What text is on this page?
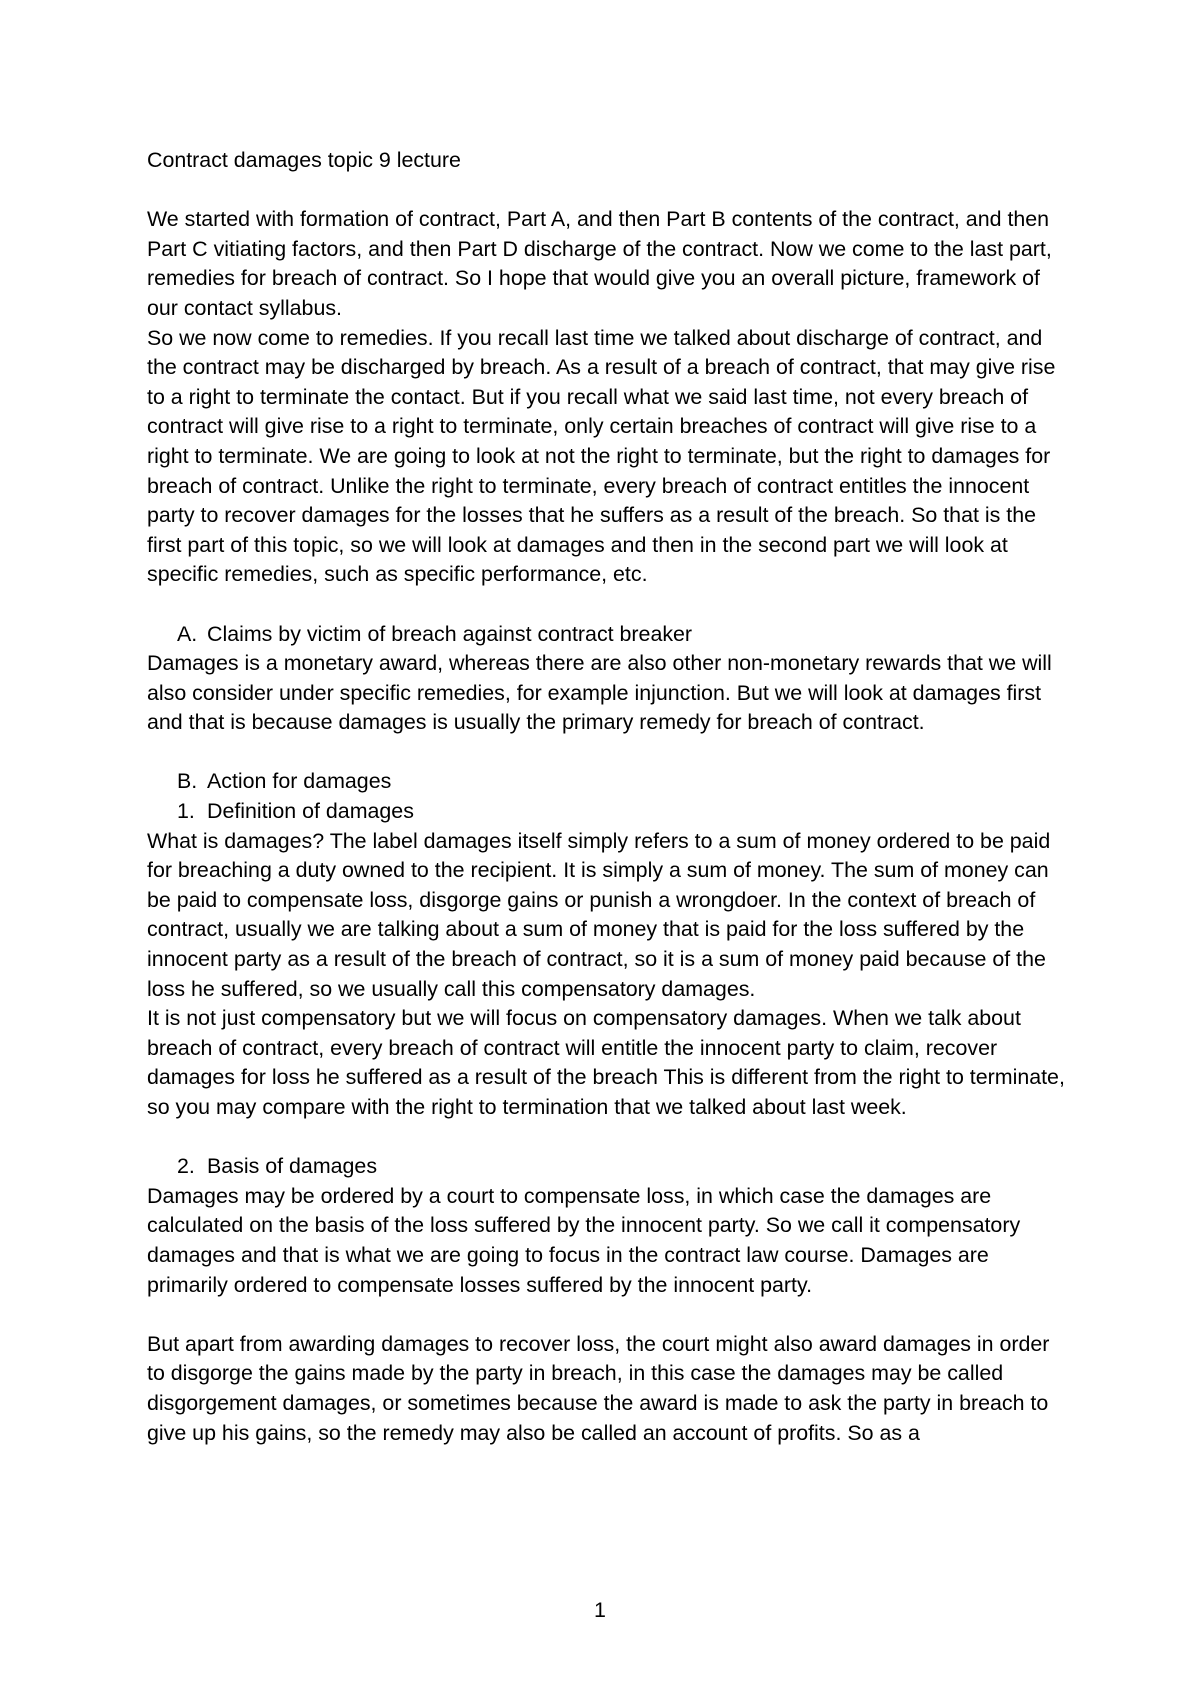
Contract damages topic 9 lecture

We started with formation of contract, Part A, and then Part B contents of the contract, and then Part C vitiating factors, and then Part D discharge of the contract. Now we come to the last part, remedies for breach of contract. So I hope that would give you an overall picture, framework of our contact syllabus.

So we now come to remedies. If you recall last time we talked about discharge of contract, and the contract may be discharged by breach. As a result of a breach of contract, that may give rise to a right to terminate the contact. But if you recall what we said last time, not every breach of contract will give rise to a right to terminate, only certain breaches of contract will give rise to a right to terminate. We are going to look at not the right to terminate, but the right to damages for breach of contract. Unlike the right to terminate, every breach of contract entitles the innocent party to recover damages for the losses that he suffers as a result of the breach. So that is the first part of this topic, so we will look at damages and then in the second part we will look at specific remedies, such as specific performance, etc.

A. Claims by victim of breach against contract breaker

Damages is a monetary award, whereas there are also other non-monetary rewards that we will also consider under specific remedies, for example injunction. But we will look at damages first and that is because damages is usually the primary remedy for breach of contract.

B. Action for damages

1. Definition of damages

What is damages? The label damages itself simply refers to a sum of money ordered to be paid for breaching a duty owned to the recipient. It is simply a sum of money. The sum of money can be paid to compensate loss, disgorge gains or punish a wrongdoer. In the context of breach of contract, usually we are talking about a sum of money that is paid for the loss suffered by the innocent party as a result of the breach of contract, so it is a sum of money paid because of the loss he suffered, so we usually call this compensatory damages.

It is not just compensatory but we will focus on compensatory damages. When we talk about breach of contract, every breach of contract will entitle the innocent party to claim, recover damages for loss he suffered as a result of the breach This is different from the right to terminate, so you may compare with the right to termination that we talked about last week.

2. Basis of damages

Damages may be ordered by a court to compensate loss, in which case the damages are calculated on the basis of the loss suffered by the innocent party. So we call it compensatory damages and that is what we are going to focus in the contract law course. Damages are primarily ordered to compensate losses suffered by the innocent party.

But apart from awarding damages to recover loss, the court might also award damages in order to disgorge the gains made by the party in breach, in this case the damages may be called disgorgement damages, or sometimes because the award is made to ask the party in breach to give up his gains, so the remedy may also be called an account of profits. So as a

1
